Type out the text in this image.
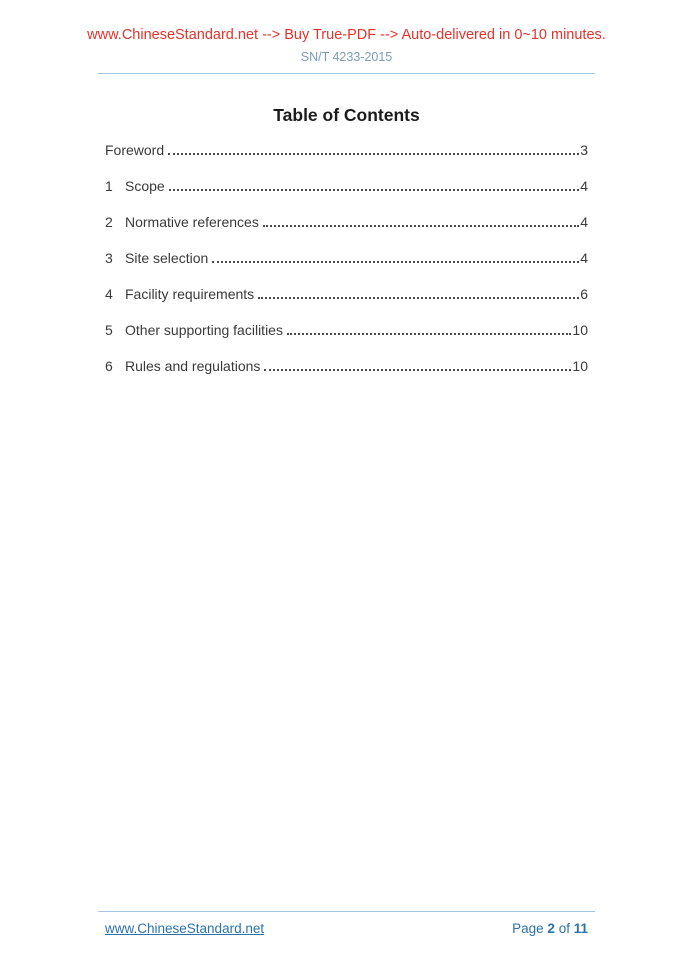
www.ChineseStandard.net --> Buy True-PDF --> Auto-delivered in 0~10 minutes.
SN/T 4233-2015
Table of Contents
Foreword	3
1 Scope	4
2 Normative references	4
3 Site selection	4
4 Facility requirements	6
5 Other supporting facilities	10
6 Rules and regulations	10
www.ChineseStandard.net	Page 2 of 11
